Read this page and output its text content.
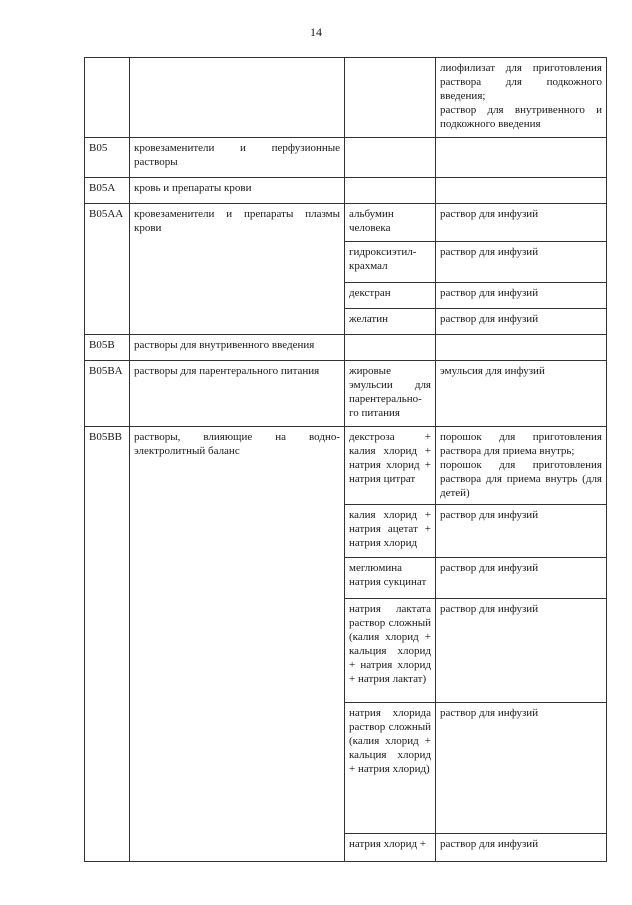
14

			лиофилизат для приготовления раствора для подкожного введения;
раствор для внутривенного и подкожного введения

B05	кровезаменители и перфузионные растворы		

B05A	кровь и препараты крови		

B05AA	кровезаменители и препараты плазмы крови	альбумин человека	раствор для инфузий

		гидроксиэтил-крахмал	раствор для инфузий

		декстран	раствор для инфузий

		желатин	раствор для инфузий

B05B	растворы для внутривенного введения		

B05BA	растворы для парентерального питания	жировые эмульсии для парентерально-го питания	эмульсия для инфузий

B05BB	растворы, влияющие на водно-электролитный баланс	декстроза + калия хлорид + натрия хлорид + натрия цитрат	порошок для приготовления раствора для приема внутрь;
порошок для приготовления раствора для приема внутрь (для детей)

		калия хлорид + натрия ацетат + натрия хлорид	раствор для инфузий

		меглюмина натрия сукцинат	раствор для инфузий

		натрия лактата раствор сложный (калия хлорид + кальция хлорид + натрия хлорид + натрия лактат)	раствор для инфузий

		натрия хлорида раствор сложный (калия хлорид + кальция хлорид + натрия хлорид)	раствор для инфузий

		натрия хлорид +	раствор для инфузий
